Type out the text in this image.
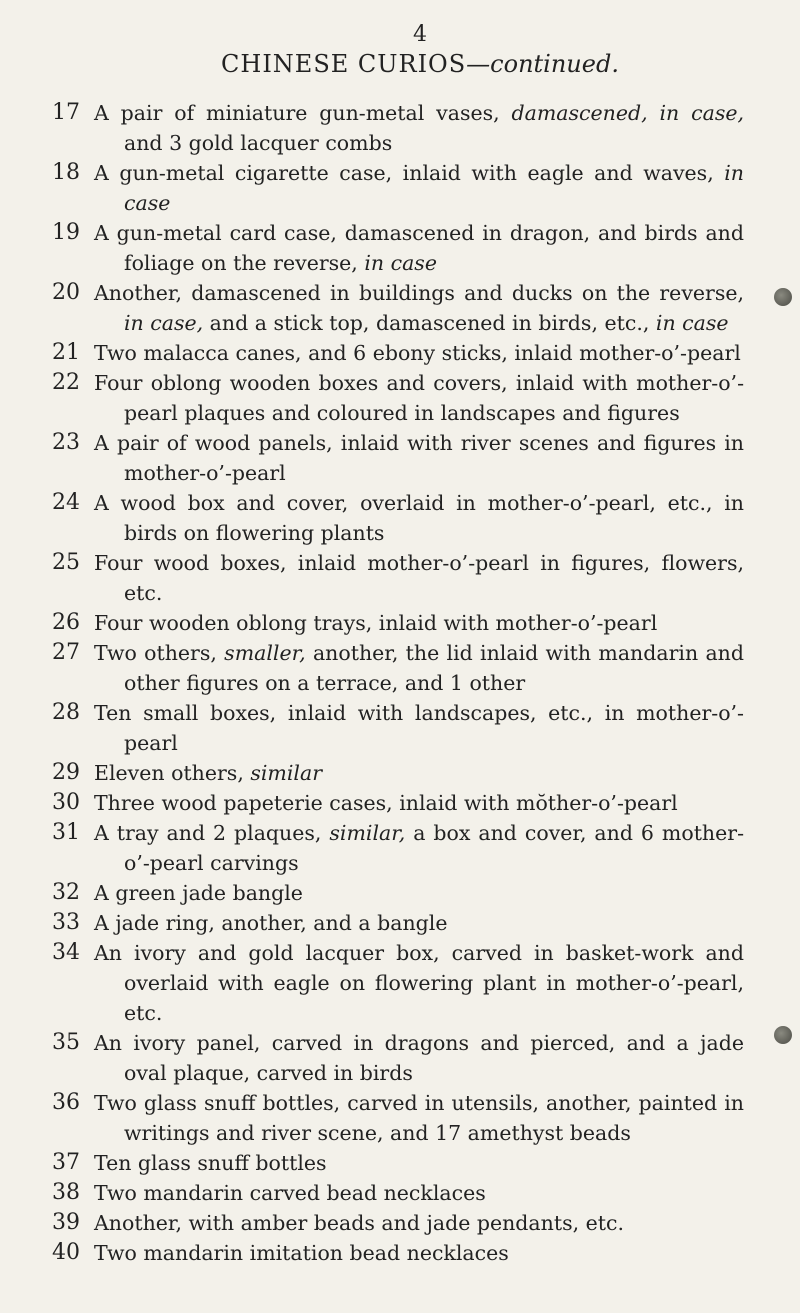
4
CHINESE CURIOS—continued.
17 A pair of miniature gun-metal vases, damascened, in case, and 3 gold lacquer combs
18 A gun-metal cigarette case, inlaid with eagle and waves, in case
19 A gun-metal card case, damascened in dragon, and birds and foliage on the reverse, in case
20 Another, damascened in buildings and ducks on the reverse, in case, and a stick top, damascened in birds, etc., in case
21 Two malacca canes, and 6 ebony sticks, inlaid mother-o’-pearl
22 Four oblong wooden boxes and covers, inlaid with mother-o’-pearl plaques and coloured in landscapes and figures
23 A pair of wood panels, inlaid with river scenes and figures in mother-o’-pearl
24 A wood box and cover, overlaid in mother-o’-pearl, etc., in birds on flowering plants
25 Four wood boxes, inlaid mother-o’-pearl in figures, flowers, etc.
26 Four wooden oblong trays, inlaid with mother-o’-pearl
27 Two others, smaller, another, the lid inlaid with mandarin and other figures on a terrace, and 1 other
28 Ten small boxes, inlaid with landscapes, etc., in mother-o’-pearl
29 Eleven others, similar
30 Three wood papeterie cases, inlaid with mŏther-o’-pearl
31 A tray and 2 plaques, similar, a box and cover, and 6 mother-o’-pearl carvings
32 A green jade bangle
33 A jade ring, another, and a bangle
34 An ivory and gold lacquer box, carved in basket-work and overlaid with eagle on flowering plant in mother-o’-pearl, etc.
35 An ivory panel, carved in dragons and pierced, and a jade oval plaque, carved in birds
36 Two glass snuff bottles, carved in utensils, another, painted in writings and river scene, and 17 amethyst beads
37 Ten glass snuff bottles
38 Two mandarin carved bead necklaces
39 Another, with amber beads and jade pendants, etc.
40 Two mandarin imitation bead necklaces
